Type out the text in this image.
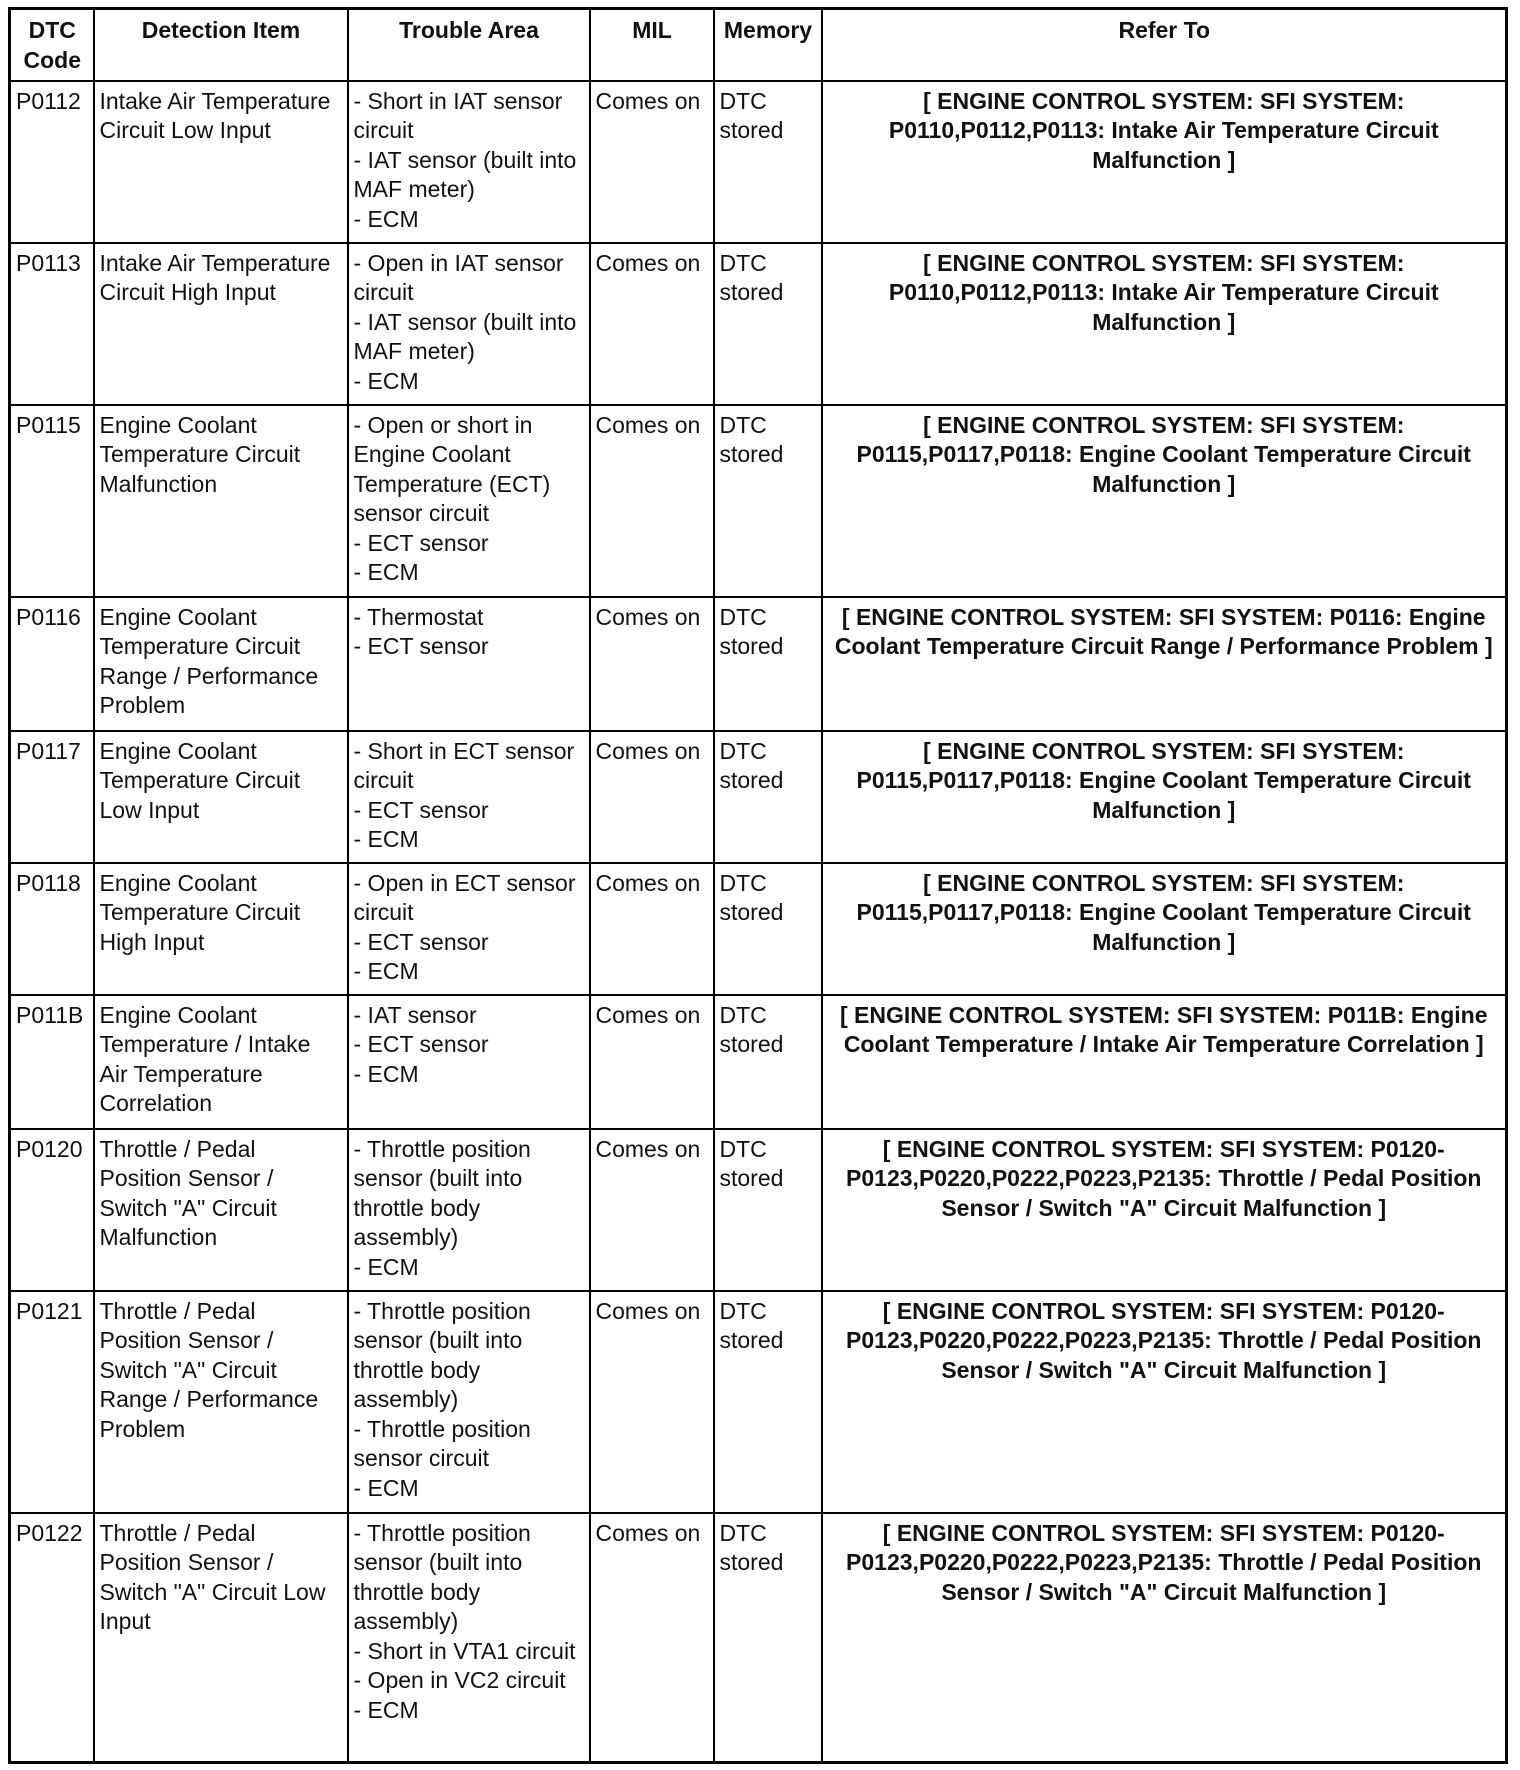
DTC Code	Detection Item	Trouble Area	MIL	Memory	Refer To
P0112	Intake Air Temperature Circuit Low Input	- Short in IAT sensor circuit
- IAT sensor (built into MAF meter)
- ECM	Comes on	DTC stored	[ ENGINE CONTROL SYSTEM: SFI SYSTEM: P0110,P0112,P0113: Intake Air Temperature Circuit Malfunction ]
P0113	Intake Air Temperature Circuit High Input	- Open in IAT sensor circuit
- IAT sensor (built into MAF meter)
- ECM	Comes on	DTC stored	[ ENGINE CONTROL SYSTEM: SFI SYSTEM: P0110,P0112,P0113: Intake Air Temperature Circuit Malfunction ]
P0115	Engine Coolant Temperature Circuit Malfunction	- Open or short in Engine Coolant Temperature (ECT) sensor circuit
- ECT sensor
- ECM	Comes on	DTC stored	[ ENGINE CONTROL SYSTEM: SFI SYSTEM: P0115,P0117,P0118: Engine Coolant Temperature Circuit Malfunction ]
P0116	Engine Coolant Temperature Circuit Range / Performance Problem	- Thermostat
- ECT sensor	Comes on	DTC stored	[ ENGINE CONTROL SYSTEM: SFI SYSTEM: P0116: Engine Coolant Temperature Circuit Range / Performance Problem ]
P0117	Engine Coolant Temperature Circuit Low Input	- Short in ECT sensor circuit
- ECT sensor
- ECM	Comes on	DTC stored	[ ENGINE CONTROL SYSTEM: SFI SYSTEM: P0115,P0117,P0118: Engine Coolant Temperature Circuit Malfunction ]
P0118	Engine Coolant Temperature Circuit High Input	- Open in ECT sensor circuit
- ECT sensor
- ECM	Comes on	DTC stored	[ ENGINE CONTROL SYSTEM: SFI SYSTEM: P0115,P0117,P0118: Engine Coolant Temperature Circuit Malfunction ]
P011B	Engine Coolant Temperature / Intake Air Temperature Correlation	- IAT sensor
- ECT sensor
- ECM	Comes on	DTC stored	[ ENGINE CONTROL SYSTEM: SFI SYSTEM: P011B: Engine Coolant Temperature / Intake Air Temperature Correlation ]
P0120	Throttle / Pedal Position Sensor / Switch "A" Circuit Malfunction	- Throttle position sensor (built into throttle body assembly)
- ECM	Comes on	DTC stored	[ ENGINE CONTROL SYSTEM: SFI SYSTEM: P0120-P0123,P0220,P0222,P0223,P2135: Throttle / Pedal Position Sensor / Switch "A" Circuit Malfunction ]
P0121	Throttle / Pedal Position Sensor / Switch "A" Circuit Range / Performance Problem	- Throttle position sensor (built into throttle body assembly)
- Throttle position sensor circuit
- ECM	Comes on	DTC stored	[ ENGINE CONTROL SYSTEM: SFI SYSTEM: P0120-P0123,P0220,P0222,P0223,P2135: Throttle / Pedal Position Sensor / Switch "A" Circuit Malfunction ]
P0122	Throttle / Pedal Position Sensor / Switch "A" Circuit Low Input	- Throttle position sensor (built into throttle body assembly)
- Short in VTA1 circuit
- Open in VC2 circuit
- ECM	Comes on	DTC stored	[ ENGINE CONTROL SYSTEM: SFI SYSTEM: P0120-P0123,P0220,P0222,P0223,P2135: Throttle / Pedal Position Sensor / Switch "A" Circuit Malfunction ]
